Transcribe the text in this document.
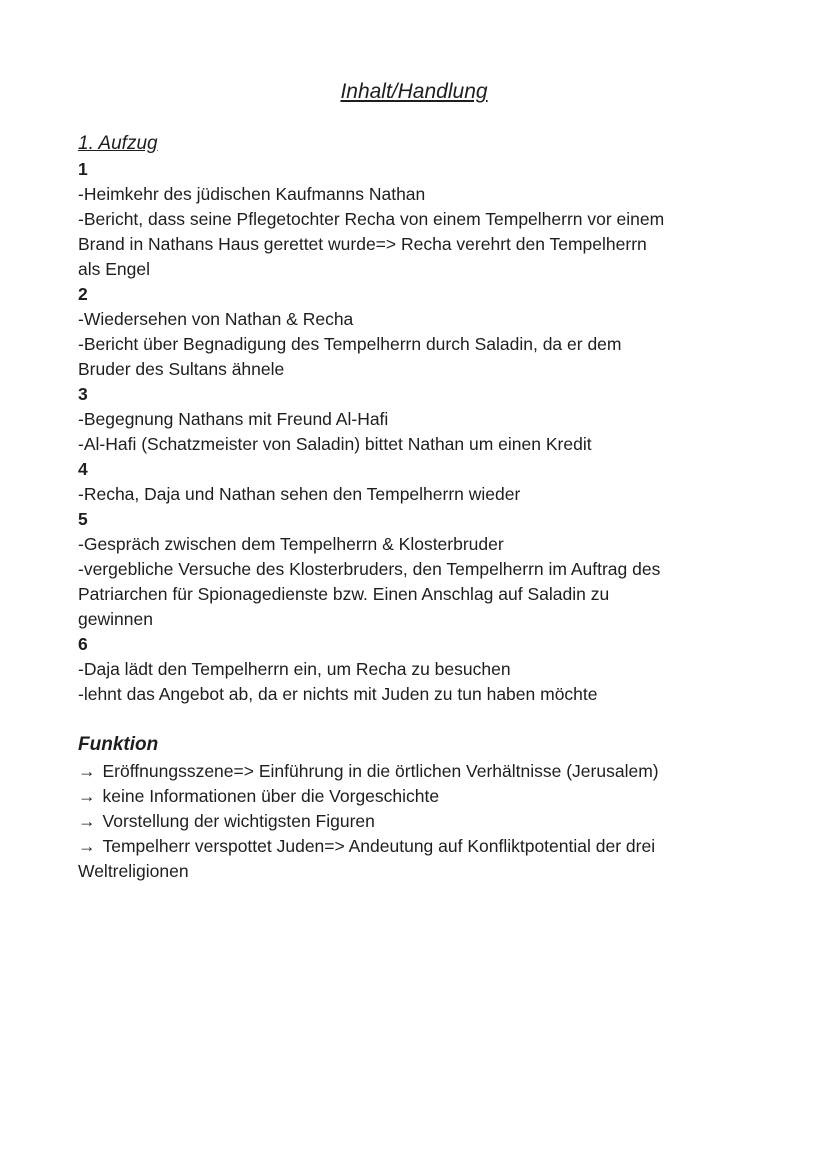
Inhalt/Handlung
1. Aufzug
1

-Heimkehr des jüdischen Kaufmanns Nathan

-Bericht, dass seine Pflegetochter Recha von einem Tempelherrn vor einem

Brand in Nathans Haus gerettet wurde=> Recha verehrt den Tempelherrn

als Engel

2

-Wiedersehen von Nathan & Recha

-Bericht über Begnadigung des Tempelherrn durch Saladin, da er dem

Bruder des Sultans ähnele

3

-Begegnung Nathans mit Freund Al-Hafi

-Al-Hafi (Schatzmeister von Saladin) bittet Nathan um einen Kredit

4

-Recha, Daja und Nathan sehen den Tempelherrn wieder

5

-Gespräch zwischen dem Tempelherrn & Klosterbruder

-vergebliche Versuche des Klosterbruders, den Tempelherrn im Auftrag des

Patriarchen für Spionagedienste bzw. Einen Anschlag auf Saladin zu

gewinnen

6

-Daja lädt den Tempelherrn ein, um Recha zu besuchen

-lehnt das Angebot ab, da er nichts mit Juden zu tun haben möchte

Funktion

→ Eröffnungsszene=> Einführung in die örtlichen Verhältnisse (Jerusalem)

→ keine Informationen über die Vorgeschichte

→ Vorstellung der wichtigsten Figuren

→ Tempelherr verspottet Juden=> Andeutung auf Konfliktpotential der drei

Weltreligionen
